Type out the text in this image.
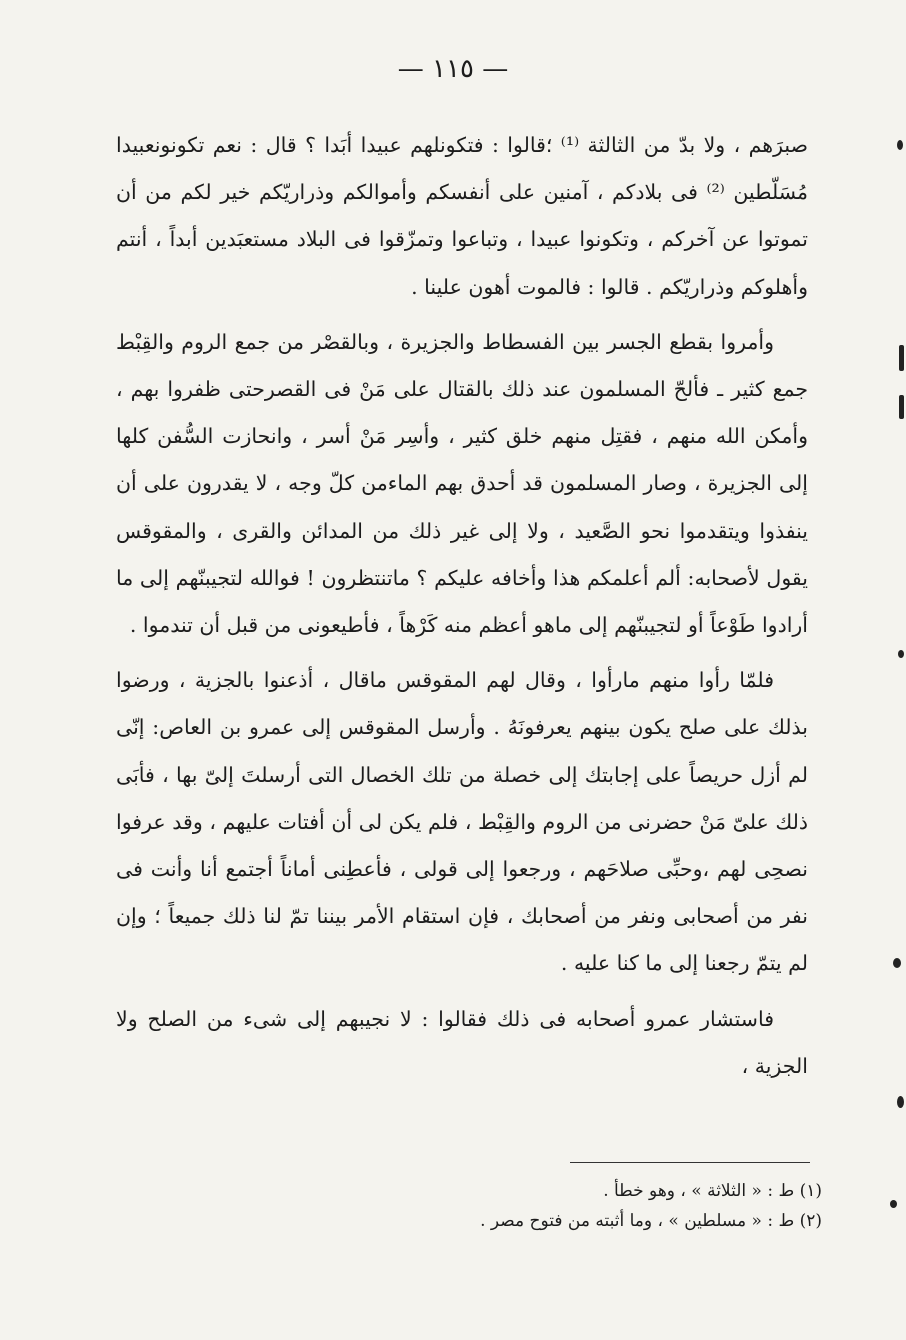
— ١١٥ —

صبرَهم ، ولا بدّ من الثالثة ⁽¹⁾ ؛قالوا : فتكونلهم عبيدا أبَدا ؟ قال : نعم تكونونعبيدا مُسَلّطين ⁽²⁾ فى بلادكم ، آمنين على أنفسكم وأموالكم وذراريّكم خير لكم من أن تموتوا عن آخركم ، وتكونوا عبيدا ، وتباعوا وتمزّقوا فى البلاد مستعبَدين أبداً ، أنتم وأهلوكم وذراريّكم . قالوا : فالموت أهون علينا .

وأمروا بقطع الجسر بين الفسطاط والجزيرة ، وبالقصْر من جمع الروم والقِبْط جمع كثير ـ فألحّ المسلمون عند ذلك بالقتال على مَنْ فى القصرحتى ظفروا بهم ، وأمكن الله منهم ، فقتِل منهم خلق كثير ، وأسِر مَنْ أسر ، وانحازت السُّفن كلها إلى الجزيرة ، وصار المسلمون قد أحدق بهم الماءمن كلّ وجه ، لا يقدرون على أن ينفذوا ويتقدموا نحو الصَّعيد ، ولا إلى غير ذلك من المدائن والقرى ، والمقوقس يقول لأصحابه: ألم أعلمكم هذا وأخافه عليكم ؟ ماتنتظرون ! فوالله لتجيبنّهم إلى ما أرادوا طَوْعاً أو لتجيبنّهم إلى ماهو أعظم منه كَرْهاً ، فأطيعونى من قبل أن تندموا .

فلمّا رأوا منهم مارأوا ، وقال لهم المقوقس ماقال ، أذعنوا بالجزية ، ورضوا بذلك على صلح يكون بينهم يعرفونَهُ . وأرسل المقوقس إلى عمرو بن العاص: إنّى لم أزل حريصاً على إجابتك إلى خصلة من تلك الخصال التى أرسلتَ إلىّ بها ، فأبَى ذلك علىّ مَنْ حضرنى من الروم والقِبْط ، فلم يكن لى أن أفتات عليهم ، وقد عرفوا نصحِى لهم ،وحبِّى صلاحَهم ، ورجعوا إلى قولى ، فأعطِنى أماناً أجتمع أنا وأنت فى نفر من أصحابى ونفر من أصحابك ، فإن استقام الأمر بيننا تمّ لنا ذلك جميعاً ؛ وإن لم يتمّ رجعنا إلى ما كنا عليه .

فاستشار عمرو أصحابه فى ذلك فقالوا : لا نجيبهم إلى شىء من الصلح ولا الجزية ،

(١) ط : « الثلاثة » ، وهو خطأ .

(٢) ط : « مسلطين » ، وما أثبته من فتوح مصر .
